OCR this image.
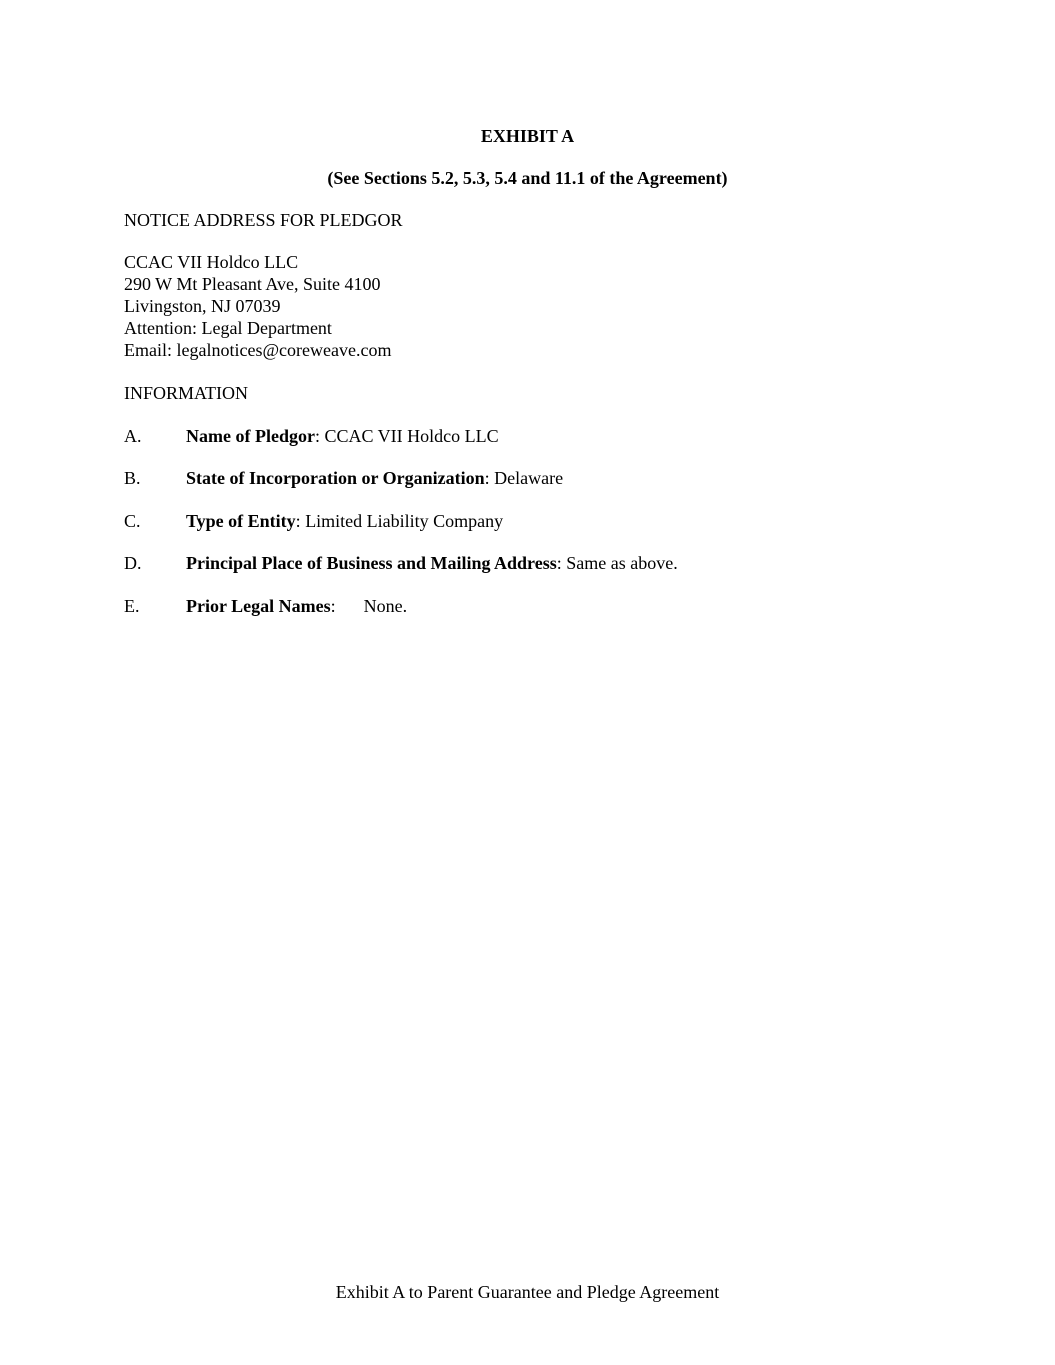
EXHIBIT A
(See Sections 5.2, 5.3, 5.4 and 11.1 of the Agreement)
NOTICE ADDRESS FOR PLEDGOR
CCAC VII Holdco LLC
290 W Mt Pleasant Ave, Suite 4100
Livingston, NJ 07039
Attention: Legal Department
Email: legalnotices@coreweave.com
INFORMATION
A. Name of Pledgor: CCAC VII Holdco LLC
B.	State of Incorporation or Organization: Delaware
C.	Type of Entity: Limited Liability Company
D. Principal Place of Business and Mailing Address: Same as above.
E.	Prior Legal Names: None.
Exhibit A to Parent Guarantee and Pledge Agreement
